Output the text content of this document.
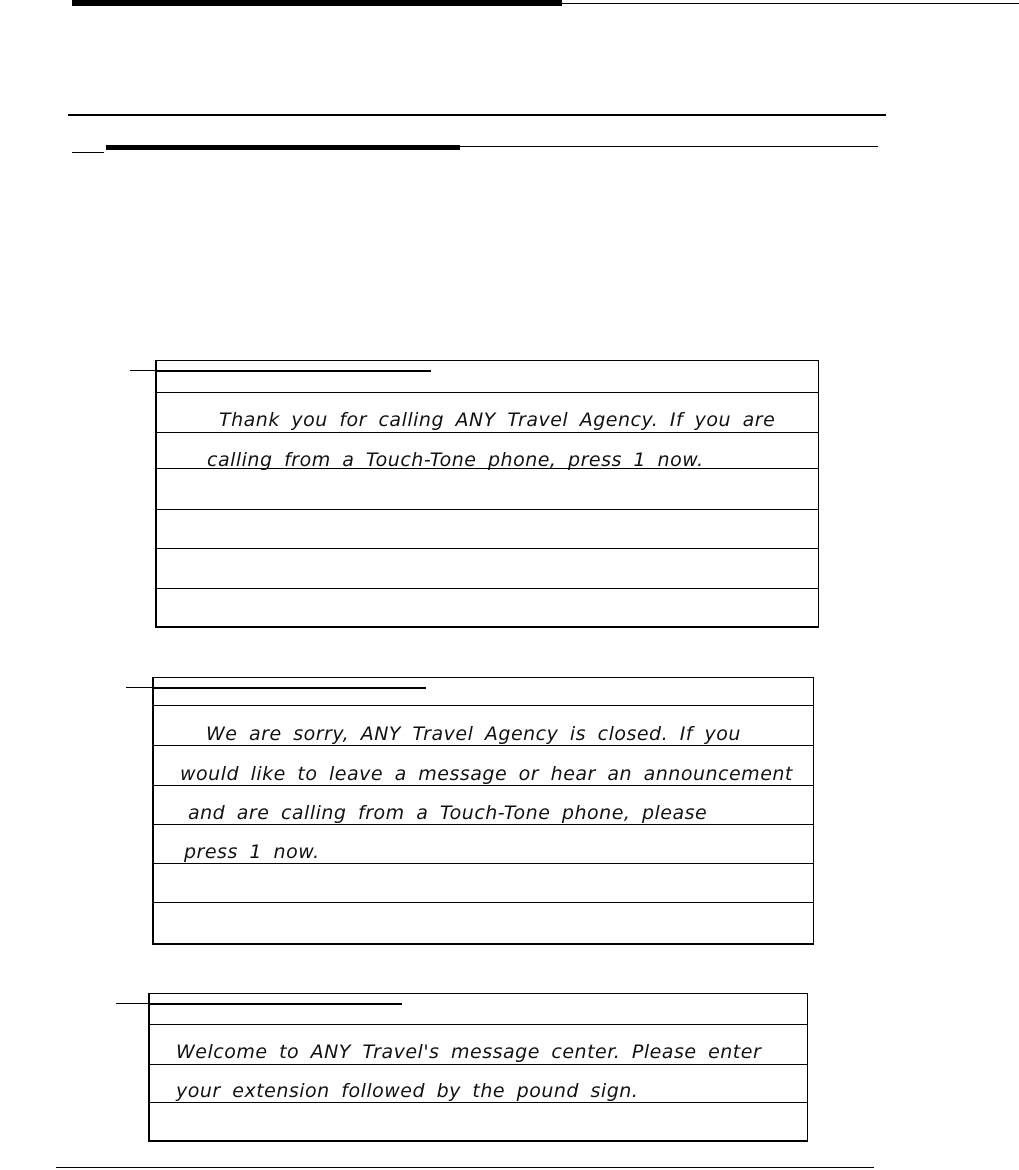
Thank you for calling ANY Travel Agency. If you are
calling from a Touch-Tone phone, press 1 now.
We are sorry, ANY Travel Agency is closed. If you
would like to leave a message or hear an announcement
and are calling from a Touch-Tone phone, please
press 1 now.
Welcome to ANY Travel's message center. Please enter
your extension followed by the pound sign.
